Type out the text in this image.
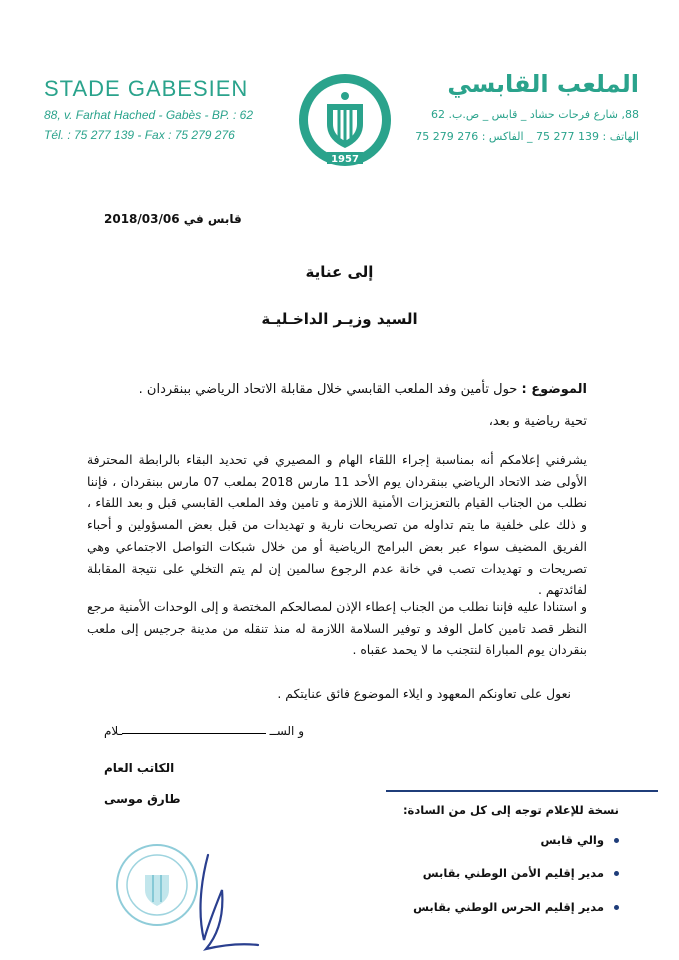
STADE GABESIEN
88, v. Farhat Hached - Gabès - BP. : 62
Tél. : 75 277 139 - Fax : 75 279 276
1957
الملعب القابسي
88, شارع فرحات حشاد _ قابس _ ص.ب. 62
الهاتف : 139 277 75 _ الفاكس : 276 279 75
قابس في 2018/03/06
إلى عناية
السيد وزيـر الداخـليـة
الموضوع : حول تأمين وفد الملعب القابسي خلال مقابلة الاتحاد الرياضي ببنقردان .
تحية رياضية و بعد،
يشرفني إعلامكم أنه بمناسبة إجراء اللقاء الهام و المصيري في تحديد البقاء بالرابطة المحترفة الأولى ضد الاتحاد الرياضي ببنقردان يوم الأحد 11 مارس 2018 بملعب 07 مارس ببنقردان ، فإننا نطلب من الجناب القيام بالتعزيزات الأمنية اللازمة و تامين وفد الملعب القابسي قبل و بعد اللقاء ، و ذلك على خلفية ما يتم تداوله من تصريحات نارية و تهديدات من قبل بعض المسؤولين و أحباء الفريق المضيف سواء عبر بعض البرامج الرياضية أو من خلال شبكات التواصل الاجتماعي وهي تصريحات و تهديدات تصب في خانة عدم الرجوع سالمين إن لم يتم التخلي على نتيجة المقابلة لفائدتهم .
و استنادا عليه فإننا نطلب من الجناب إعطاء الإذن لمصالحكم المختصة و إلى الوحدات الأمنية مرجع النظر قصد تامين كامل الوفد و توفير السلامة اللازمة له منذ تنقله من مدينة جرجيس إلى ملعب بنقردان يوم المباراة لنتجنب ما لا يحمد عقباه .
نعول على تعاونكم المعهود و ايلاء الموضوع فائق عنايتكم .
و الســ
ـلام
الكاتب العام
طارق موسى
نسخة للإعلام توجه إلى كل من السادة:
والي قابس
مدير إقليم الأمن الوطني بقابس
مدير إقليم الحرس الوطني بقابس
